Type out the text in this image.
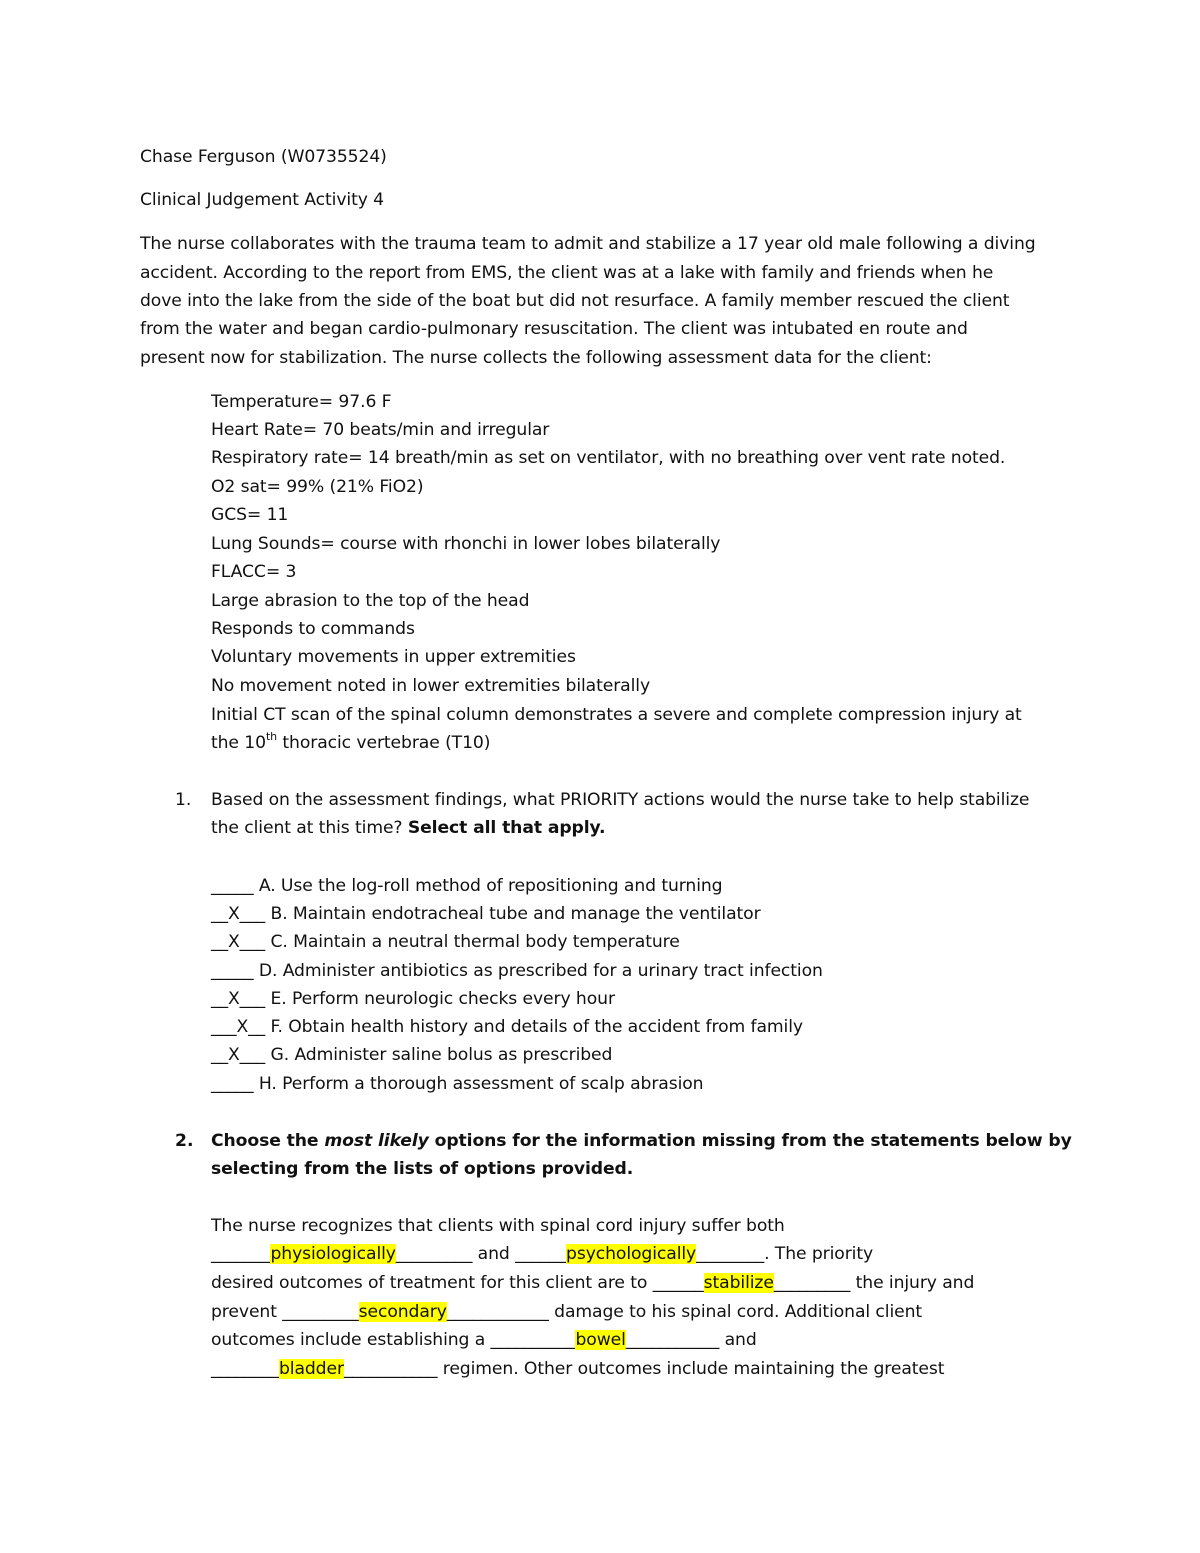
Chase Ferguson (W0735524)
Clinical Judgement Activity 4
The nurse collaborates with the trauma team to admit and stabilize a 17 year old male following a diving
accident. According to the report from EMS, the client was at a lake with family and friends when he
dove into the lake from the side of the boat but did not resurface. A family member rescued the client
from the water and began cardio-pulmonary resuscitation. The client was intubated en route and
present now for stabilization. The nurse collects the following assessment data for the client:
Temperature= 97.6 F
Heart Rate= 70 beats/min and irregular
Respiratory rate= 14 breath/min as set on ventilator, with no breathing over vent rate noted.
O2 sat= 99% (21% FiO2)
GCS= 11
Lung Sounds= course with rhonchi in lower lobes bilaterally
FLACC= 3
Large abrasion to the top of the head
Responds to commands
Voluntary movements in upper extremities
No movement noted in lower extremities bilaterally
Initial CT scan of the spinal column demonstrates a severe and complete compression injury at
the 10th thoracic vertebrae (T10)
1. Based on the assessment findings, what PRIORITY actions would the nurse take to help stabilize
the client at this time? Select all that apply.
_____ A. Use the log-roll method of repositioning and turning
__X___ B. Maintain endotracheal tube and manage the ventilator
__X___ C. Maintain a neutral thermal body temperature
_____ D. Administer antibiotics as prescribed for a urinary tract infection
__X___ E. Perform neurologic checks every hour
___X__ F. Obtain health history and details of the accident from family
__X___ G. Administer saline bolus as prescribed
_____ H. Perform a thorough assessment of scalp abrasion
2. Choose the most likely options for the information missing from the statements below by
selecting from the lists of options provided.
The nurse recognizes that clients with spinal cord injury suffer both
_______physiologically_________ and ______psychologically________. The priority
desired outcomes of treatment for this client are to ______stabilize_________ the injury and
prevent _________secondary____________ damage to his spinal cord. Additional client
outcomes include establishing a __________bowel___________ and
________bladder___________ regimen. Other outcomes include maintaining the greatest
